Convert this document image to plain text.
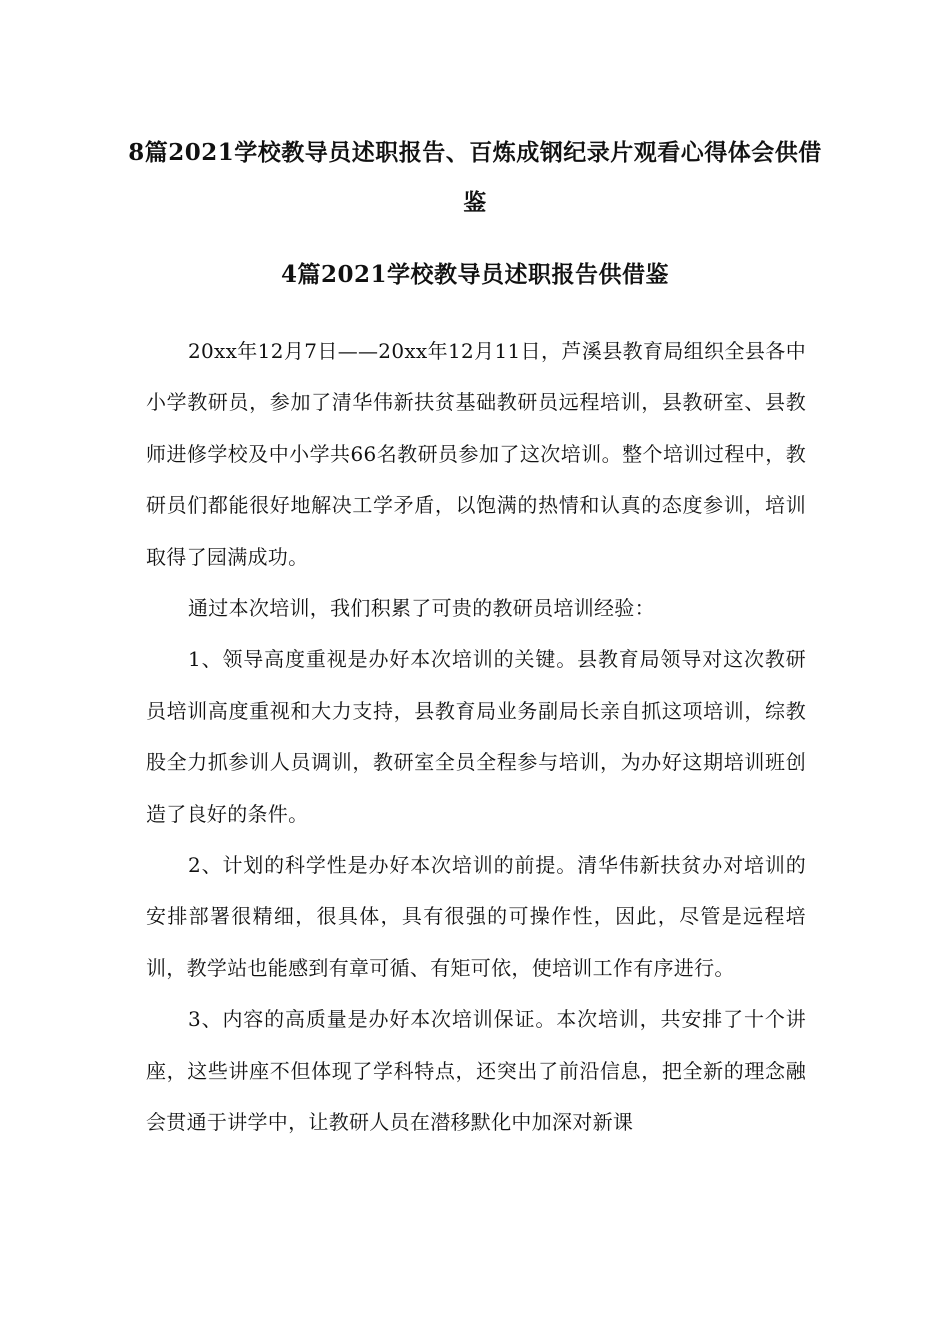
8篇2021学校教导员述职报告、百炼成钢纪录片观看心得体会供借鉴
4篇2021学校教导员述职报告供借鉴

20xx年12月7日——20xx年12月11日，芦溪县教育局组织全县各中小学教研员，参加了清华伟新扶贫基础教研员远程培训，县教研室、县教师进修学校及中小学共66名教研员参加了这次培训。整个培训过程中，教研员们都能很好地解决工学矛盾，以饱满的热情和认真的态度参训，培训取得了园满成功。

通过本次培训，我们积累了可贵的教研员培训经验：

1、领导高度重视是办好本次培训的关键。县教育局领导对这次教研员培训高度重视和大力支持，县教育局业务副局长亲自抓这项培训，综教股全力抓参训人员调训，教研室全员全程参与培训，为办好这期培训班创造了良好的条件。

2、计划的科学性是办好本次培训的前提。清华伟新扶贫办对培训的安排部署很精细，很具体，具有很强的可操作性，因此，尽管是远程培训，教学站也能感到有章可循、有矩可依，使培训工作有序进行。

3、内容的高质量是办好本次培训保证。本次培训，共安排了十个讲座，这些讲座不但体现了学科特点，还突出了前沿信息，把全新的理念融会贯通于讲学中，让教研人员在潜移默化中加深对新课
